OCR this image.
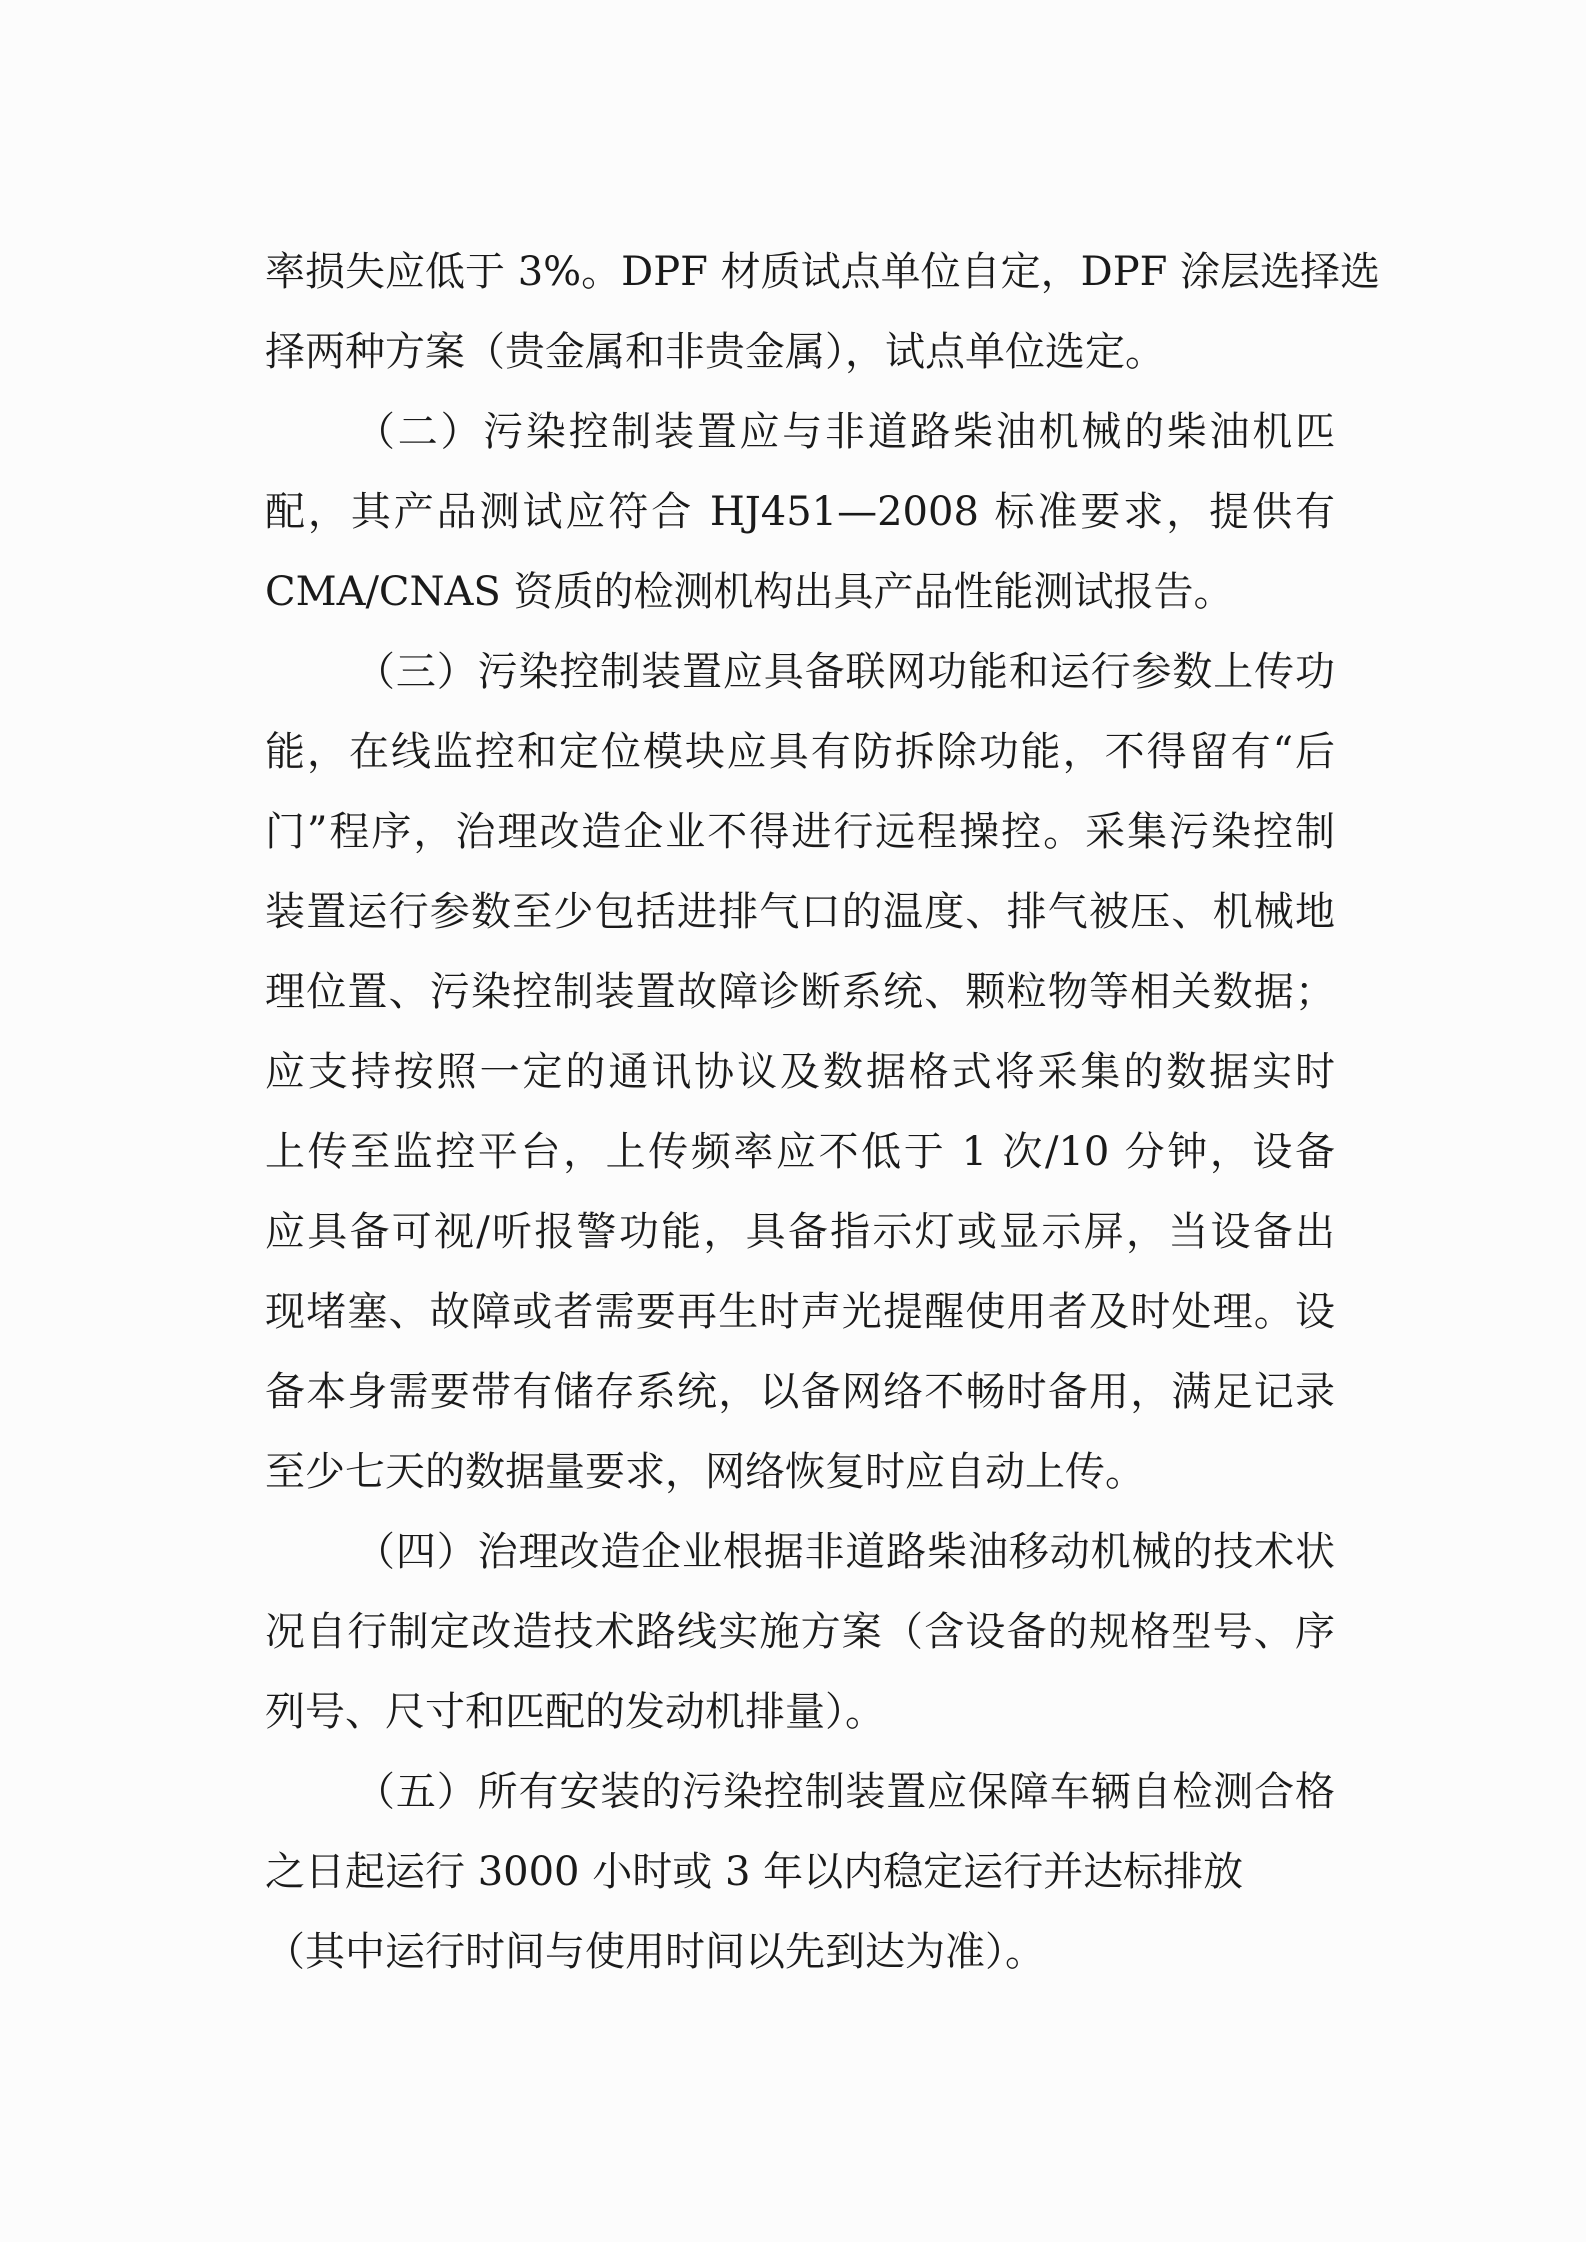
率损失应低于 3%。DPF 材质试点单位自定，DPF 涂层选择选
择两种方案（贵金属和非贵金属），试点单位选定。
（二）污染控制装置应与非道路柴油机械的柴油机匹
配，其产品测试应符合 HJ451—2008 标准要求，提供有
CMA/CNAS 资质的检测机构出具产品性能测试报告。
（三）污染控制装置应具备联网功能和运行参数上传功
能，在线监控和定位模块应具有防拆除功能，不得留有“后
门”程序，治理改造企业不得进行远程操控。采集污染控制
装置运行参数至少包括进排气口的温度、排气被压、机械地
理位置、污染控制装置故障诊断系统、颗粒物等相关数据；
应支持按照一定的通讯协议及数据格式将采集的数据实时
上传至监控平台，上传频率应不低于 1 次/10 分钟，设备
应具备可视/听报警功能，具备指示灯或显示屏，当设备出
现堵塞、故障或者需要再生时声光提醒使用者及时处理。设
备本身需要带有储存系统，以备网络不畅时备用，满足记录
至少七天的数据量要求，网络恢复时应自动上传。
（四）治理改造企业根据非道路柴油移动机械的技术状
况自行制定改造技术路线实施方案（含设备的规格型号、序
列号、尺寸和匹配的发动机排量）。
（五）所有安装的污染控制装置应保障车辆自检测合格
之日起运行 3000 小时或 3 年以内稳定运行并达标排放
（其中运行时间与使用时间以先到达为准）。
